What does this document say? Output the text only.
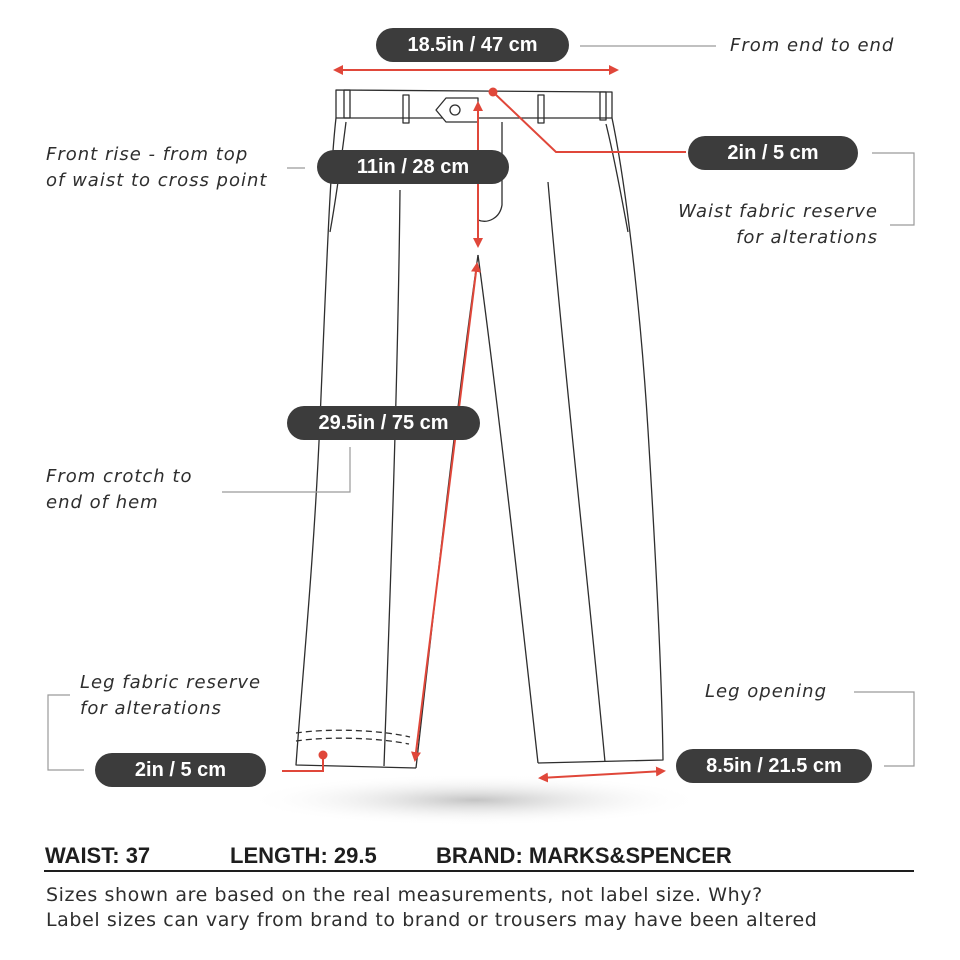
18.5in / 47 cm
2in / 5 cm
11in / 28 cm
29.5in / 75 cm
2in / 5 cm	8.5in / 21.5 cm
From end to end
Front rise - from top
of waist to cross point
Waist fabric reserve
for alterations
From crotch to
end of hem
Leg fabric reserve
for alterations
Leg opening
WAIST: 37	LENGTH: 29.5	BRAND: MARKS&SPENCER
Sizes shown are based on the real measurements, not label size. Why?
Label sizes can vary from brand to brand or trousers may have been altered
